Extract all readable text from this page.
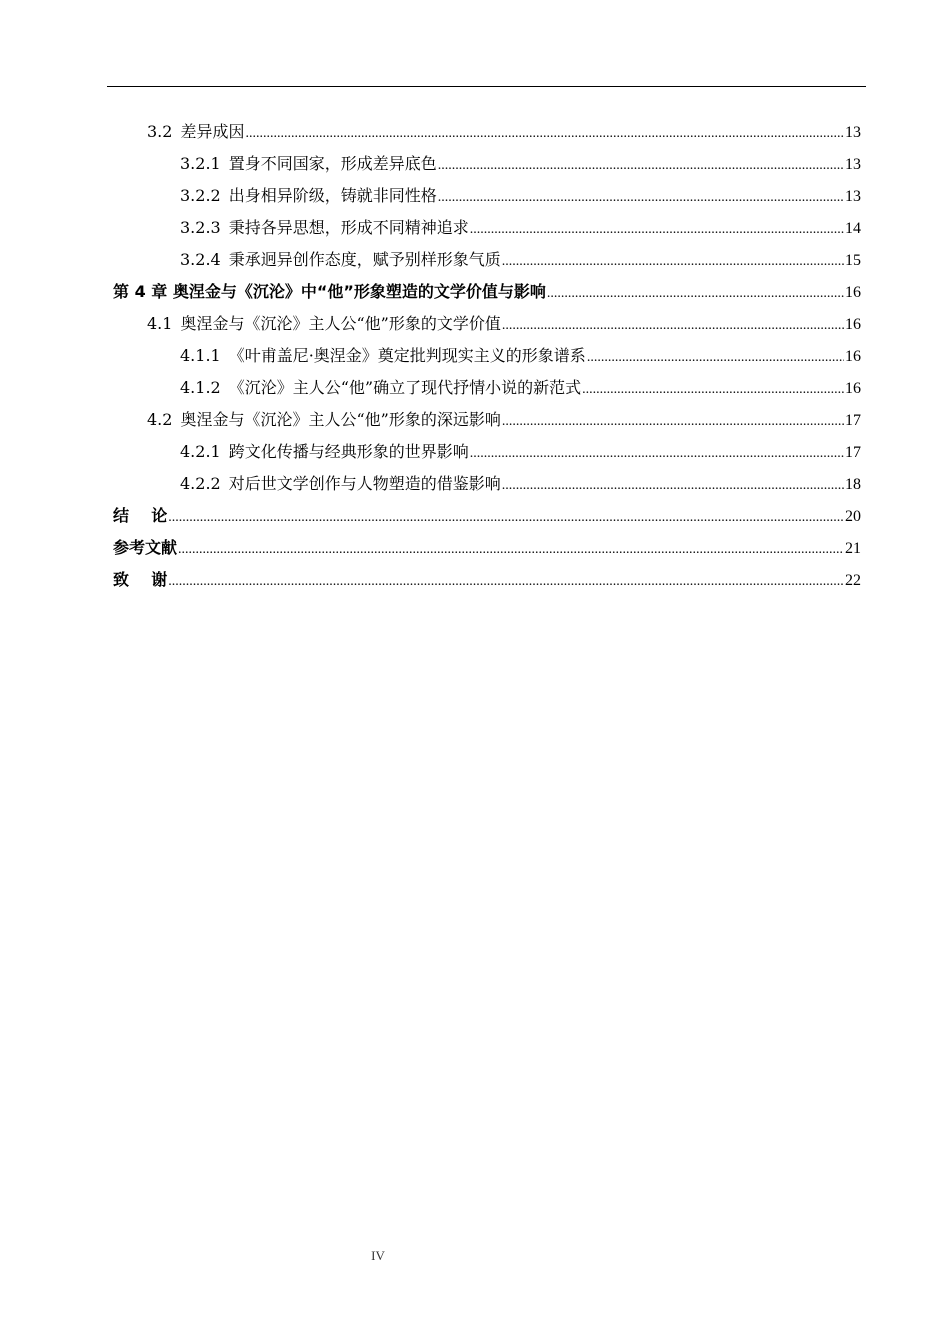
3.2 差异成因 .....	13
3.2.1 置身不同国家，形成差异底色 .....	13
3.2.2 出身相异阶级，铸就非同性格 .....	13
3.2.3 秉持各异思想，形成不同精神追求 .....	14
3.2.4 秉承迥异创作态度，赋予别样形象气质 .....	15
第 4 章 奥涅金与《沉沦》中“他”形象塑造的文学价值与影响 .....	16
4.1 奥涅金与《沉沦》主人公“他”形象的文学价值 .....	16
4.1.1 《叶甫盖尼·奥涅金》奠定批判现实主义的形象谱系 .....	16
4.1.2 《沉沦》主人公“他”确立了现代抒情小说的新范式 .....	16
4.2 奥涅金与《沉沦》主人公“他”形象的深远影响 .....	17
4.2.1 跨文化传播与经典形象的世界影响 .....	17
4.2.2 对后世文学创作与人物塑造的借鉴影响 .....	18
结    论 .....	20
参考文献 .....	21
致    谢 .....	22
IV
